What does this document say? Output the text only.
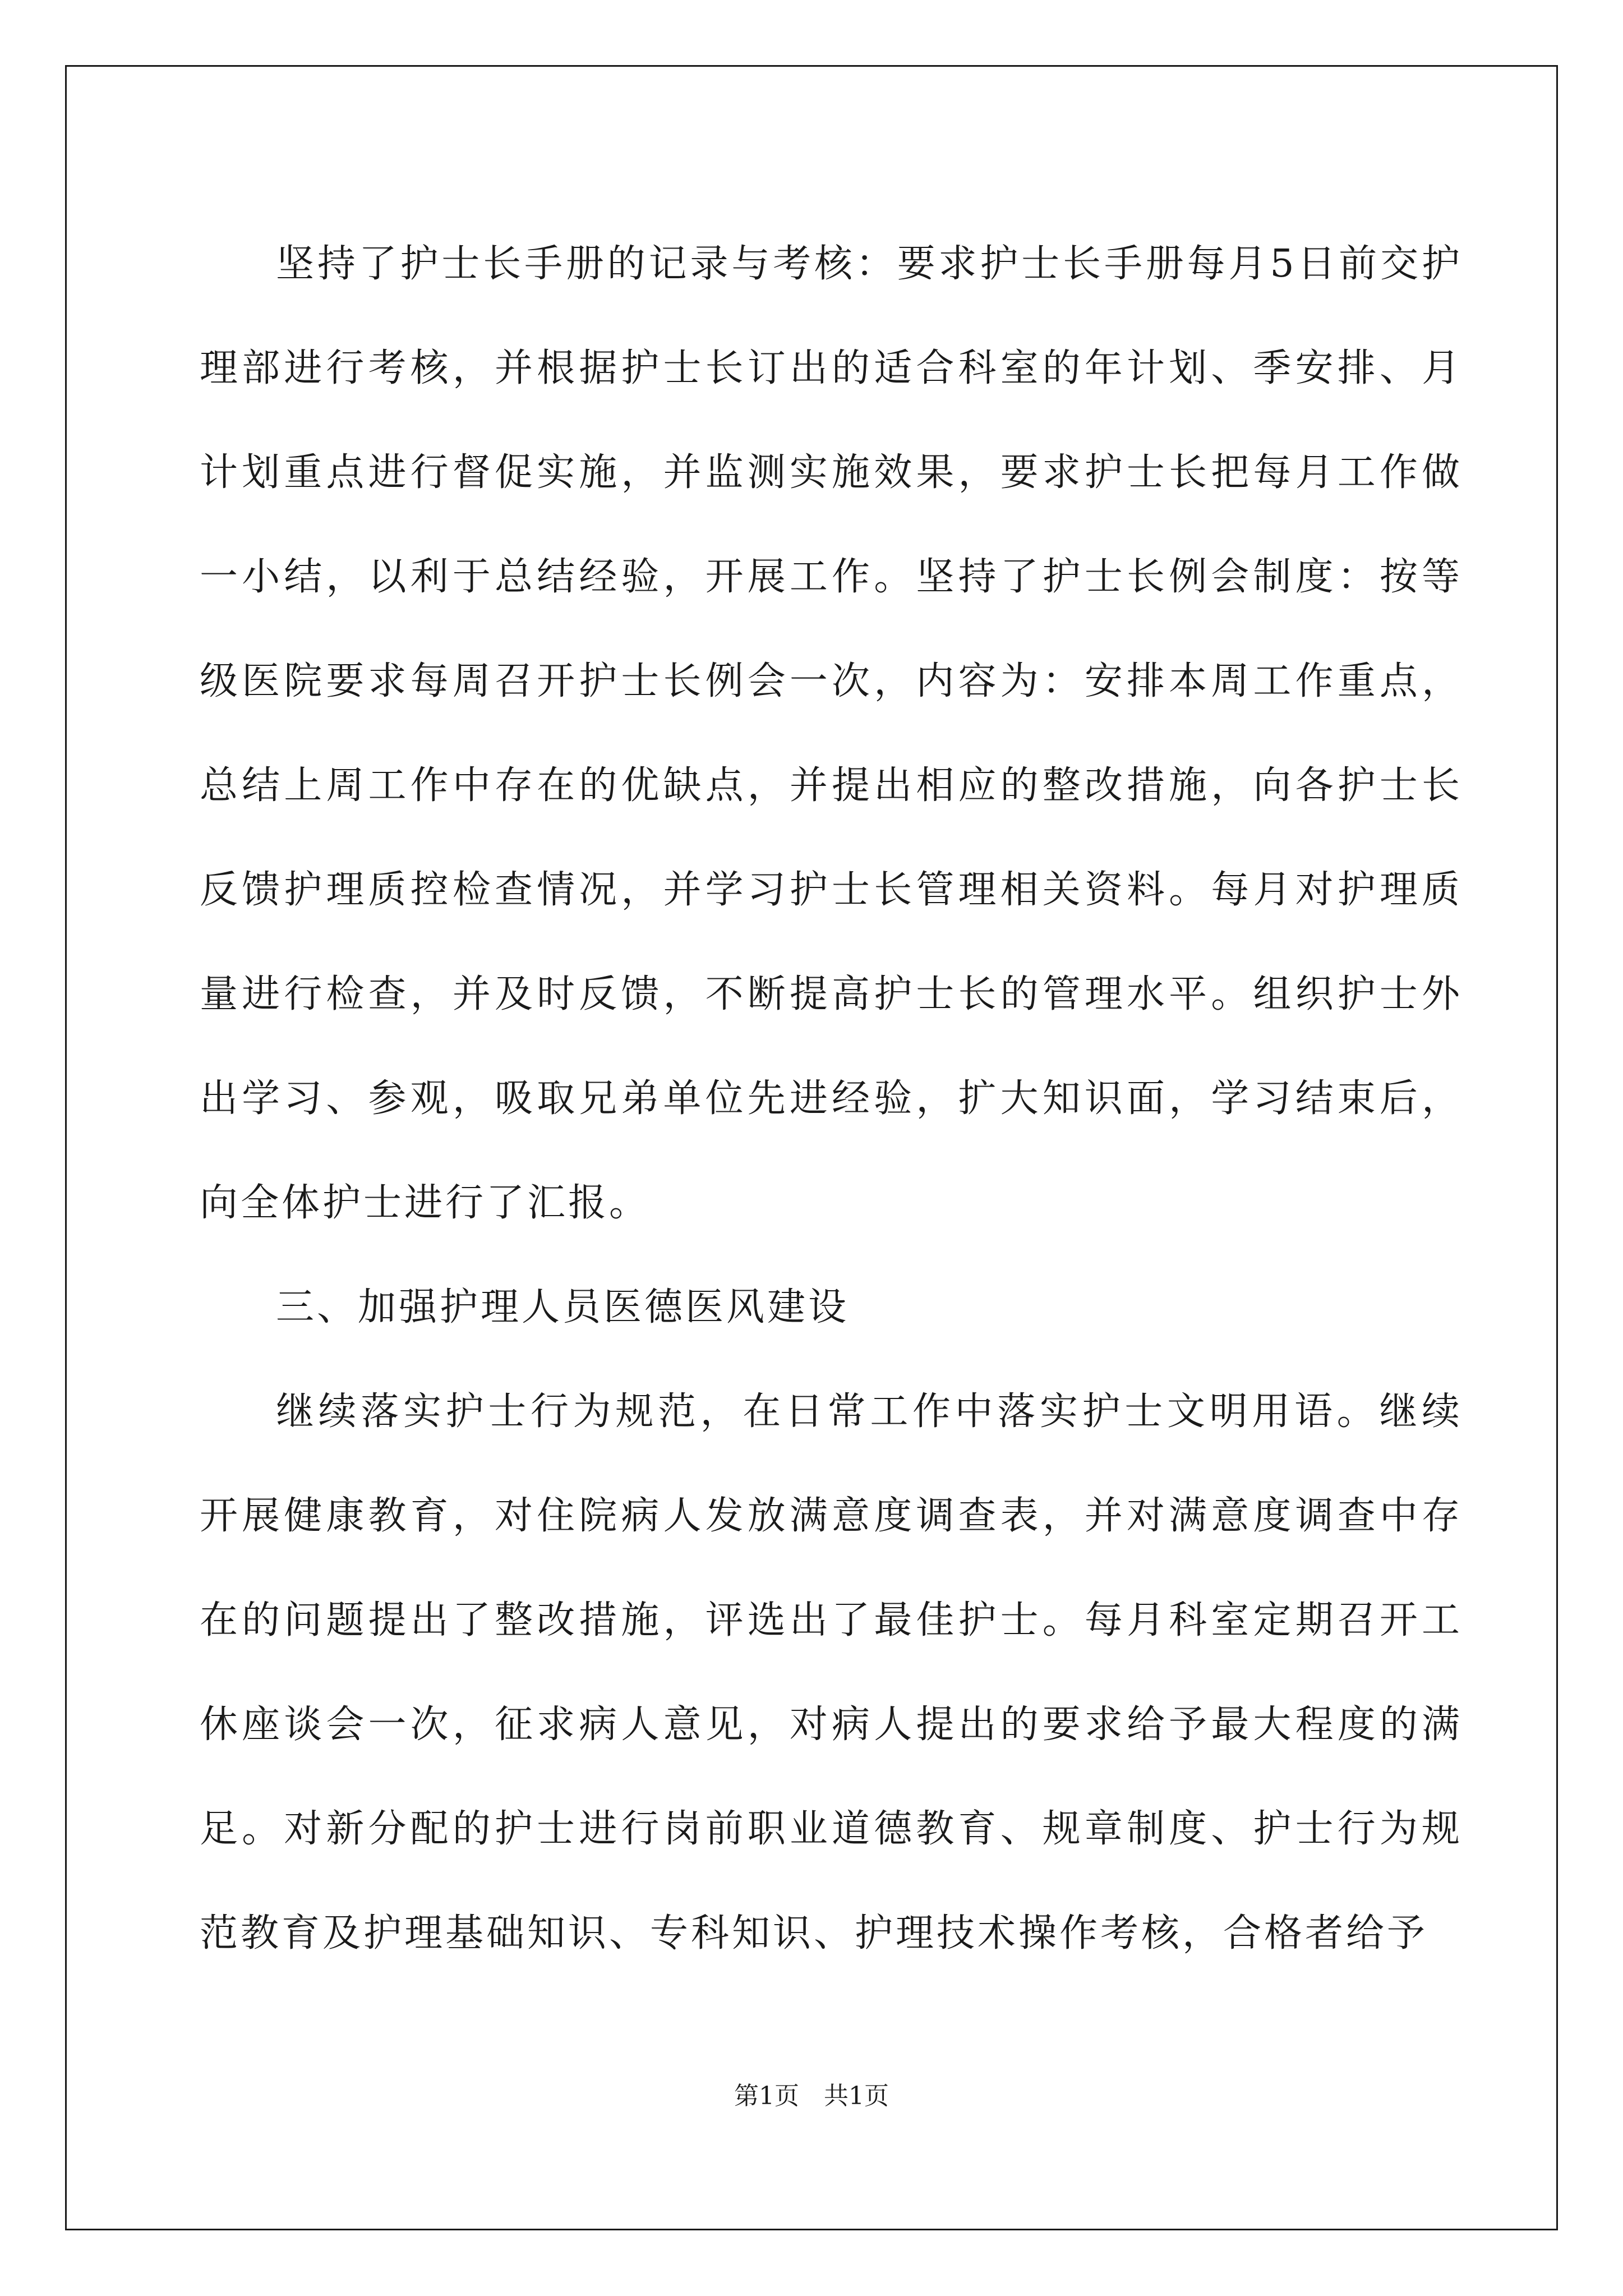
坚持了护士长手册的记录与考核：要求护士长手册每月5日前交护理部进行考核，并根据护士长订出的适合科室的年计划、季安排、月计划重点进行督促实施，并监测实施效果，要求护士长把每月工作做一小结，以利于总结经验，开展工作。坚持了护士长例会制度：按等级医院要求每周召开护士长例会一次，内容为：安排本周工作重点，总结上周工作中存在的优缺点，并提出相应的整改措施，向各护士长反馈护理质控检查情况，并学习护士长管理相关资料。每月对护理质量进行检查，并及时反馈，不断提高护士长的管理水平。组织护士外出学习、参观，吸取兄弟单位先进经验，扩大知识面，学习结束后，向全体护士进行了汇报。

三、加强护理人员医德医风建设

继续落实护士行为规范，在日常工作中落实护士文明用语。继续开展健康教育，对住院病人发放满意度调查表，并对满意度调查中存在的问题提出了整改措施，评选出了最佳护士。每月科室定期召开工休座谈会一次，征求病人意见，对病人提出的要求给予最大程度的满足。对新分配的护士进行岗前职业道德教育、规章制度、护士行为规范教育及护理基础知识、专科知识、护理技术操作考核，合格者给予

第1页　共1页
